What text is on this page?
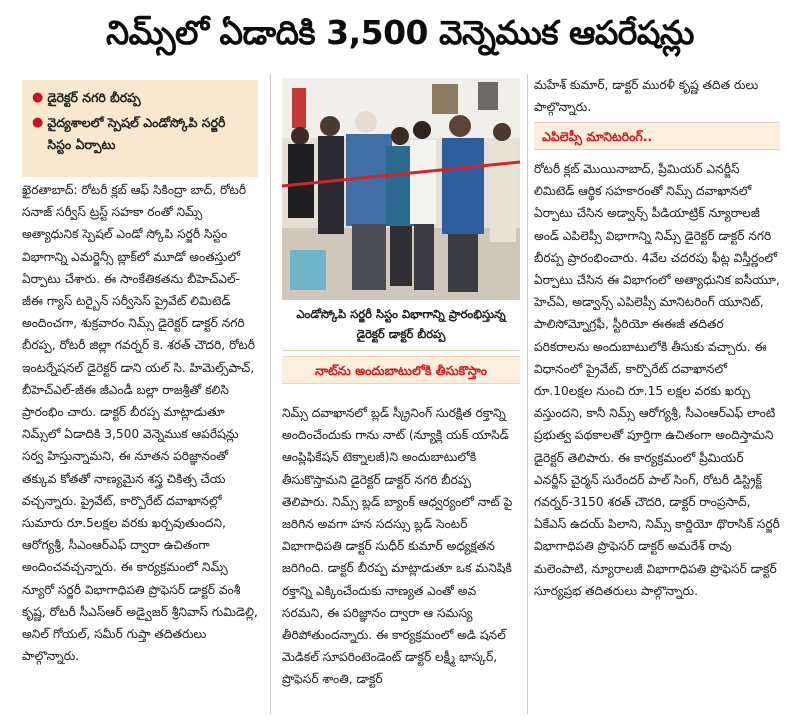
నిమ్స్‌లో ఏడాదికి 3,500 వెన్నెముక ఆపరేషన్లు
● డైరెక్టర్ నగరి బీరప్ప
● వైద్యశాలలో స్పెషల్ ఎండోస్కోపి సర్జరీ సిస్టం ఏర్పాటు

ఖైరతాబాద్: రోటరీ క్లబ్ ఆఫ్ సికింద్రా బాద్, రోటరీ సనాజ్ సర్వీస్ ట్రస్ట్ సహకా రంతో నిమ్స్ అత్యాధునిక స్పెషల్ ఎండో స్కోపి సర్జరీ సిస్టం విభాగాన్ని ఎమర్జెన్సీ బ్లాక్‌లో మూడో అంతస్తులో ఏర్పాటు చేశారు. ఈ సాంకేతికతను బీహెచ్ఎల్-జీఈ గ్యాస్ టర్బైన్ సర్వీసెస్ ప్రైవేట్ లిమిటెడ్ అందించగా, శుక్రవారం నిమ్స్ డైరెక్టర్ డాక్టర్ నగరి బీరప్ప, రోటరీ జిల్లా గవర్నర్ కె. శరత్ చౌదరి, రోటరీ ఇంటర్నేషనల్ డైరెక్టర్ డాని యల్ సి. హిమెల్స్‌పాచ్, బీహెచ్ఎల్-జీఈ జీఎండీ బల్లా రాజశ్రీతో కలిసి ప్రారంభిం చారు. డాక్టర్ బీరప్ప మాట్లాడుతూ నిమ్స్‌లో ఏడాదికి 3,500 వెన్నెముక ఆపరేషన్లు సర్వ హిస్తున్నామని, ఈ నూతన పరిజ్ఞానంతో తక్కువ కోతతో నాణ్యమైన శస్త్ర చికిత్స చేయ వచ్చన్నారు. ప్రైవేట్, కార్పొరేట్ దవాఖానల్లో సుమారు రూ.5లక్షల వరకు ఖర్చవుతుందని, ఆరోగ్యశ్రీ, సీఎంఆర్ఎఫ్ ద్వారా ఉచితంగా అందించవచ్చన్నారు. ఈ కార్యక్రమంలో నిమ్స్ న్యూరో సర్జరీ విభాగాధిపతి ప్రొఫెసర్ డాక్టర్ వంశీ కృష్ణ, రోటరీ సీఎస్ఆర్ అడ్వైజర్ శ్రీనివాస్ గుమిడెల్లి, అనిల్ గోయల్, సమీర్ గుప్తా తదితరులు పాల్గొన్నారు.

ఎండోస్కోపి సర్జరీ సిస్టం విభాగాన్ని ప్రారంభిస్తున్న డైరెక్టర్ డాక్టర్ బీరప్ప
నాట్‌ను అందుబాటులోకి తీసుకొస్తాం

నిమ్స్ దవాఖానలో బ్లడ్ స్క్రీనింగ్ సురక్షిత రక్తాన్ని అందించేందుకు గాను నాట్ (న్యూక్లి యక్ యాసిడ్ ఆంప్లిఫికేషన్ టెక్నాలజీ)ని అందుబాటులోకి తీసుకొస్తామని డైరెక్టర్ డాక్టర్ నగరి బీరప్ప తెలిపారు. నిమ్స్ బ్లడ్ బ్యాంక్ ఆధ్వర్యంలో నాట్ పై జరిగిన అవగా హన సదస్సు బ్లడ్ సెంటర్ విభాగాధిపతి డాక్టర్ సుధీర్ కుమార్ అధ్యక్షతన జరిగింది. డాక్టర్ బీరప్ప మాట్లాడుతూ ఒక మనిషికి రక్తాన్ని ఎక్కించేందుకు నాణ్యత ఎంతో అవ సరమని, ఈ పరిజ్ఞానం ద్వారా ఆ సమస్య తీరిపోతుందన్నారు. ఈ కార్యక్రమంలో అడి షనల్ మెడికల్ సూపరింటెండెంట్ డాక్టర్ లక్ష్మీ భాస్కర్, ప్రొఫెసర్ శాంతి, డాక్టర్

మహేశ్ కుమార్, డాక్టర్ మురళీ కృష్ణ తదిత రులు పాల్గొన్నారు.

ఎపిలెప్సీ మానిటరింగ్..

రోటరీ క్లబ్ మొయినాబాద్, ప్రీమియర్ ఎనర్జీస్ లిమిటెడ్ ఆర్థిక సహకారంతో నిమ్స్ దవాఖానలో ఏర్పాటు చేసిన అడ్వాన్స్ పీడియాట్రిక్ న్యూరాలజీ అండ్ ఎపిలెప్సీ విభాగాన్ని నిమ్స్ డైరెక్టర్ డాక్టర్ నగరి బీరప్ప ప్రారంభించారు. 4వేల చదరపు ఫీట్ల విస్తీర్ణంలో ఏర్పాటు చేసిన ఈ విభాగంలో అత్యాధునిక ఐసీయూ, హెచ్ఏ, అడ్వాన్స్ ఎపిలెప్సీ మానిటరింగ్ యూనిట్, పాలిసోమ్నోగ్రఫీ, స్టీరియో ఈఈజీ తదితర పరికరాలను అందుబాటులోకి తీసుకు వచ్చారు. ఈ విధానంలో ప్రైవేట్, కార్పొరేట్ దవాఖానలో రూ.10లక్షల నుంచి రూ.15 లక్షల వరకు ఖర్చు వస్తుందని, కానీ నిమ్స్ ఆరోగ్యశ్రీ, సీఎంఆర్ఎఫ్ లాంటి ప్రభుత్వ పథకాలతో పూర్తిగా ఉచితంగా అందిస్తామని డైరెక్టర్ తెలిపారు. ఈ కార్యక్రమంలో ప్రీమియర్ ఎనర్జీస్ చైర్మన్ సురేందర్ పాల్ సింగ్, రోటరీ డిస్ట్రిక్ట్ గవర్నర్-3150 శరత్ చౌదరి, డాక్టర్ రాంప్రసాద్, ఏకేఎస్ ఉదయ్ పిలాని, నిమ్స్ కార్డియో థొరాసిక్ సర్జరీ విభాగాధిపతి ప్రొఫెసర్ డాక్టర్ అమరేశ్ రావు మలెంపాటి, న్యూరాలజీ విభాగాధిపతి ప్రొఫెసర్ డాక్టర్ సూర్యప్రభ తదితరులు పాల్గొన్నారు.
